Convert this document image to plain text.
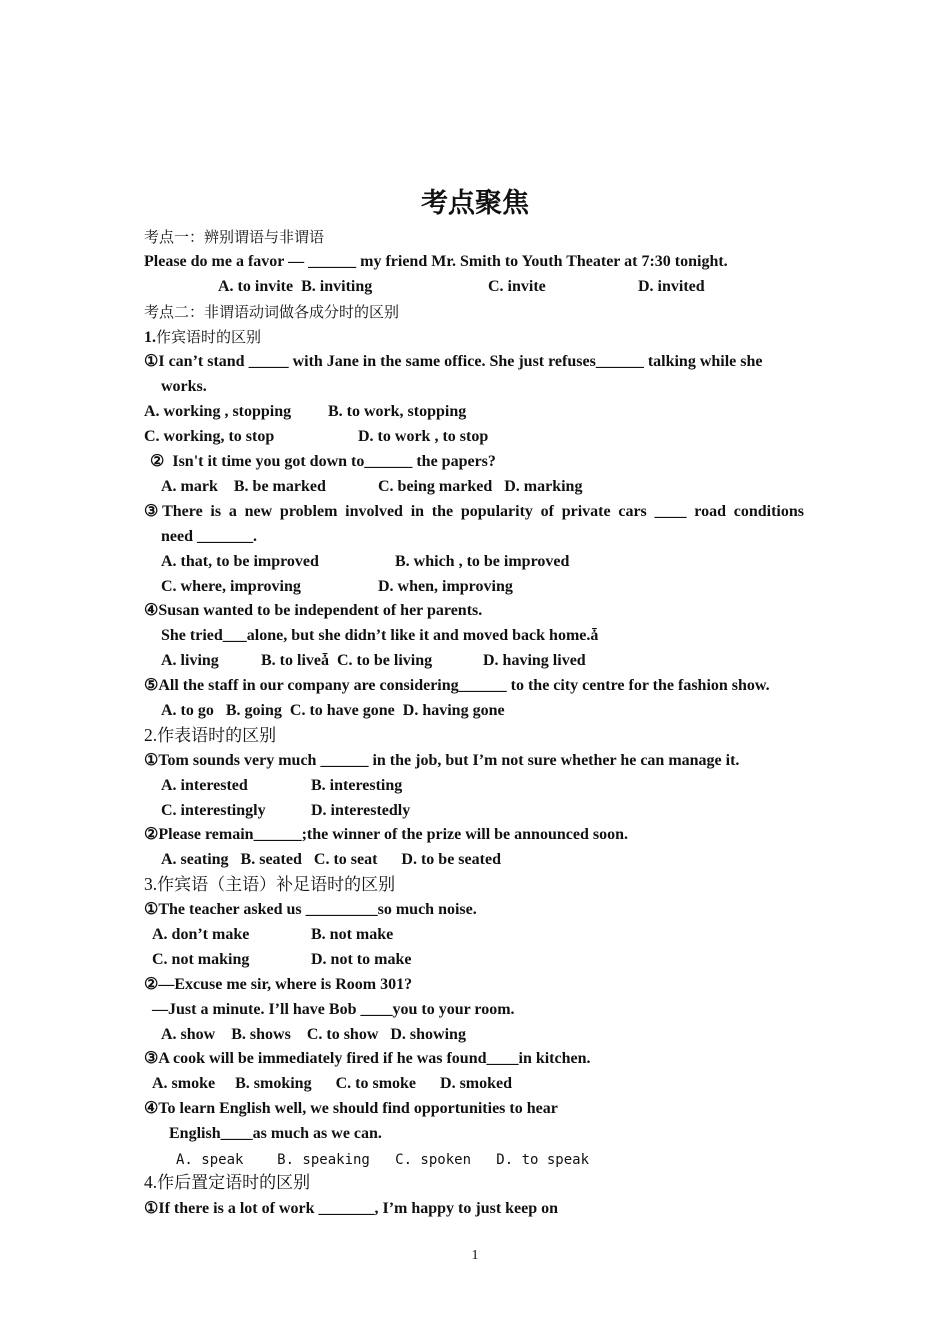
考点聚焦
考点一：辨别谓语与非谓语
Please do me a favor — ______ my friend Mr. Smith to Youth Theater at 7:30 tonight.

A. to invite  B. inviting

	C. invite

	D. invited

考点二：非谓语动词做各成分时的区别
1.作宾语时的区别
①I can’t stand _____ with Jane in the same office. She just refuses______ talking while she
works.

A. working , stopping

B. to work, stopping

C. working, to stop

	D. to work , to stop

②  Isn't it time you got down to______ the papers?

A. mark    B. be marked

	C. being marked   D. marking

③There is a new problem involved in the popularity of private cars ____ road conditions
need _______.

A. that, to be improved

	B. which , to be improved

C. where, improving

	D. when, improving

④Susan wanted to be independent of her parents.
She tried___alone, but she didn’t like it and moved back home.ǡ

A. living

	B. to liveǡ  C. to be living

	D. having lived

⑤All the staff in our company are considering______ to the city centre for the fashion show.
A. to go   B. going  C. to have gone  D. having gone
2.作表语时的区别
①Tom sounds very much ______ in the job, but I’m not sure whether he can manage it.

A. interested

	B. interesting

C. interestingly

	D. interestedly

②Please remain______;the winner of the prize will be announced soon.
A. seating   B. seated   C. to seat      D. to be seated
3.作宾语（主语）补足语时的区别
①The teacher asked us _________so much noise.

A. don’t make

	B. not make

C. not making

	D. not to make

②—Excuse me sir, where is Room 301?
—Just a minute. I’ll have Bob ____you to your room.
A. show    B. shows    C. to show   D. showing
③A cook will be immediately fired if he was found____in kitchen.
A. smoke     B. smoking      C. to smoke      D. smoked
④To learn English well, we should find opportunities to hear
English____as much as we can.
A. speak    B. speaking   C. spoken   D. to speak
4.作后置定语时的区别
①If there is a lot of work _______, I’m happy to just keep on
1
